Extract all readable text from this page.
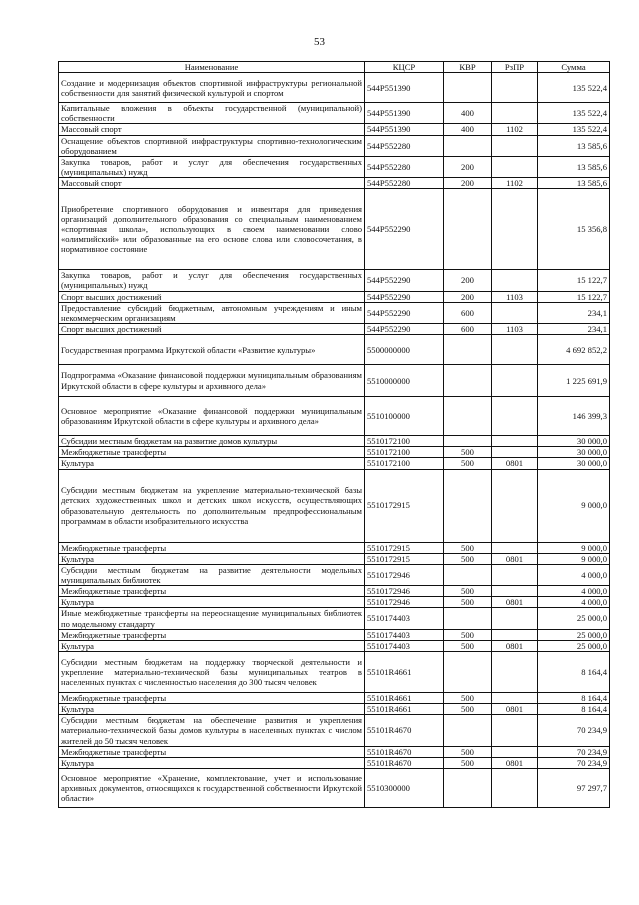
53
Наименование	КЦСР	КВР	РзПР	Сумма
Создание и модернизация объектов спортивной инфраструктуры региональной собственности для занятий физической культурой и спортом	544P551390			135 522,4
Капитальные вложения в объекты государственной (муниципальной) собственности	544P551390	400		135 522,4
Массовый спорт	544P551390	400	1102	135 522,4
Оснащение объектов спортивной инфраструктуры спортивно-технологическим оборудованием	544P552280			13 585,6
Закупка товаров, работ и услуг для обеспечения государственных (муниципальных) нужд	544P552280	200		13 585,6
Массовый спорт	544P552280	200	1102	13 585,6
Приобретение спортивного оборудования и инвентаря для приведения организаций дополнительного образования со специальным наименованием «спортивная школа», использующих в своем наименовании слово «олимпийский» или образованные на его основе слова или словосочетания, в нормативное состояние	544P552290			15 356,8
Закупка товаров, работ и услуг для обеспечения государственных (муниципальных) нужд	544P552290	200		15 122,7
Спорт высших достижений	544P552290	200	1103	15 122,7
Предоставление субсидий бюджетным, автономным учреждениям и иным некоммерческим организациям	544P552290	600		234,1
Спорт высших достижений	544P552290	600	1103	234,1
Государственная программа Иркутской области «Развитие культуры»	5500000000			4 692 852,2
Подпрограмма «Оказание финансовой поддержки муниципальным образованиям Иркутской области в сфере культуры и архивного дела»	5510000000			1 225 691,9
Основное мероприятие «Оказание финансовой поддержки муниципальным образованиям Иркутской области в сфере культуры и архивного дела»	5510100000			146 399,3
Субсидии местным бюджетам на развитие домов культуры	5510172100			30 000,0
Межбюджетные трансферты	5510172100	500		30 000,0
Культура	5510172100	500	0801	30 000,0
Субсидии местным бюджетам на укрепление материально-технической базы детских художественных школ и детских школ искусств, осуществляющих образовательную деятельность по дополнительным предпрофессиональным программам в области изобразительного искусства	5510172915			9 000,0
Межбюджетные трансферты	5510172915	500		9 000,0
Культура	5510172915	500	0801	9 000,0
Субсидии местным бюджетам на развитие деятельности модельных муниципальных библиотек	5510172946			4 000,0
Межбюджетные трансферты	5510172946	500		4 000,0
Культура	5510172946	500	0801	4 000,0
Иные межбюджетные трансферты на переоснащение муниципальных библиотек по модельному стандарту	5510174403			25 000,0
Межбюджетные трансферты	5510174403	500		25 000,0
Культура	5510174403	500	0801	25 000,0
Субсидии местным бюджетам на поддержку творческой деятельности и укрепление материально-технической базы муниципальных театров в населенных пунктах с численностью населения до 300 тысяч человек	55101R4661			8 164,4
Межбюджетные трансферты	55101R4661	500		8 164,4
Культура	55101R4661	500	0801	8 164,4
Субсидии местным бюджетам на обеспечение развития и укрепления материально-технической базы домов культуры в населенных пунктах с числом жителей до 50 тысяч человек	55101R4670			70 234,9
Межбюджетные трансферты	55101R4670	500		70 234,9
Культура	55101R4670	500	0801	70 234,9
Основное мероприятие «Хранение, комплектование, учет и использование архивных документов, относящихся к государственной собственности Иркутской области»	5510300000			97 297,7
